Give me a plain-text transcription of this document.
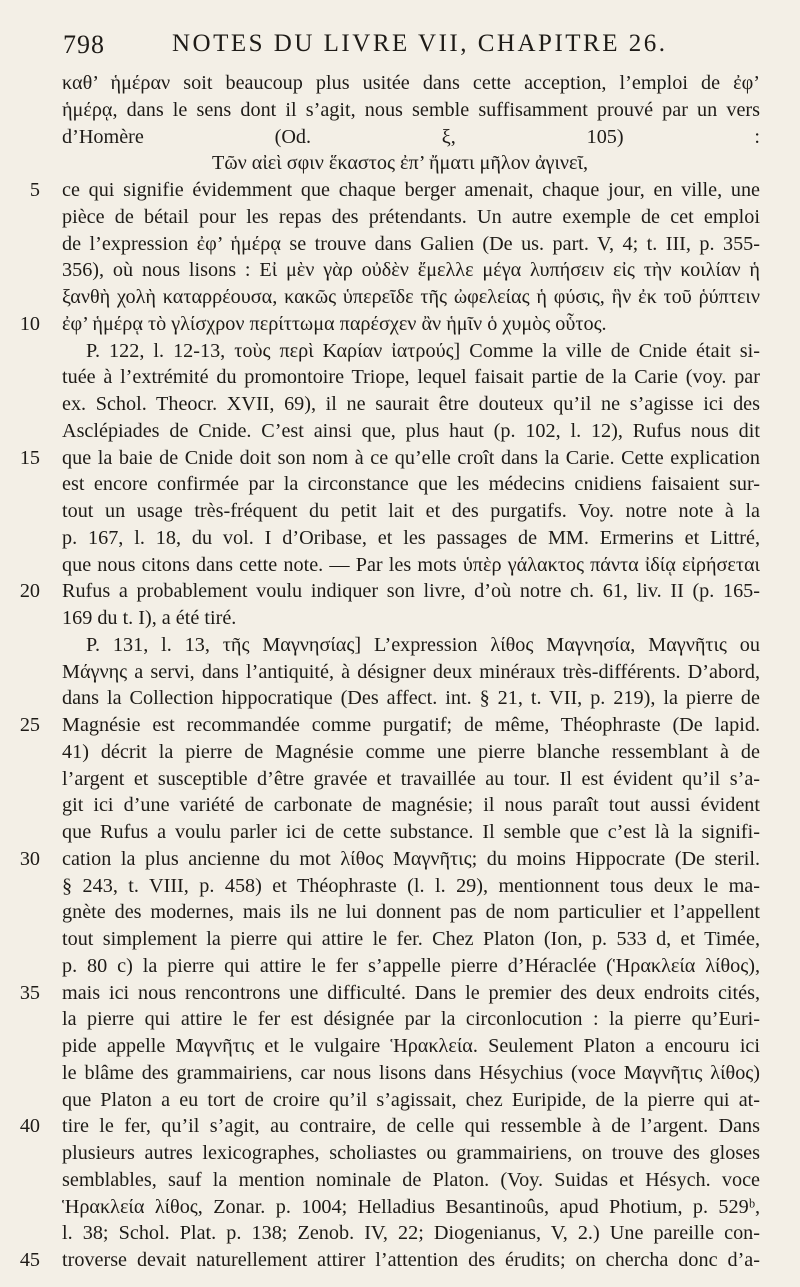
798	NOTES DU LIVRE VII, CHAPITRE 26.
καθ’ ἡμέραν soit beaucoup plus usitée dans cette acception, l’emploi de ἐφ’
ἡμέρᾳ, dans le sens dont il s’agit, nous semble suffisamment prouvé par un vers
d’Homère (Od. ξ, 105) :
Τῶν αἰεὶ σφιν ἕκαστος ἐπ’ ἤματι μῆλον ἀγινεῖ,
ce qui signifie évidemment que chaque berger amenait, chaque jour, en ville, une
5
pièce de bétail pour les repas des prétendants. Un autre exemple de cet emploi
de l’expression ἐφ’ ἡμέρᾳ se trouve dans Galien (De us. part. V, 4; t. III, p. 355-
356), où nous lisons : Εἰ μὲν γὰρ οὐδὲν ἔμελλε μέγα λυπήσειν εἰς τὴν κοιλίαν ἡ
ξανθὴ χολὴ καταρρέουσα, κακῶς ὑπερεῖδε τῆς ὠφελείας ἡ φύσις, ἣν ἐκ τοῦ ῥύπτειν
ἐφ’ ἡμέρᾳ τὸ γλίσχρον περίττωμα παρέσχεν ἂν ἡμῖν ὁ χυμὸς οὗτος.
10
P. 122, l. 12-13, τοὺς περὶ Καρίαν ἰατρούς] Comme la ville de Cnide était si-
tuée à l’extrémité du promontoire Triope, lequel faisait partie de la Carie (voy. par
ex. Schol. Theocr. XVII, 69), il ne saurait être douteux qu’il ne s’agisse ici des
Asclépiades de Cnide. C’est ainsi que, plus haut (p. 102, l. 12), Rufus nous dit
que la baie de Cnide doit son nom à ce qu’elle croît dans la Carie. Cette explication
15
est encore confirmée par la circonstance que les médecins cnidiens faisaient sur-
tout un usage très-fréquent du petit lait et des purgatifs. Voy. notre note à la
p. 167, l. 18, du vol. I d’Oribase, et les passages de MM. Ermerins et Littré,
que nous citons dans cette note. — Par les mots ὑπὲρ γάλακτος πάντα ἰδίᾳ εἰρήσεται
Rufus a probablement voulu indiquer son livre, d’où notre ch. 61, liv. II (p. 165-
20
169 du t. I), a été tiré.
P. 131, l. 13, τῆς Μαγνησίας] L’expression λίθος Μαγνησία, Μαγνῆτις ou
Μάγνης a servi, dans l’antiquité, à désigner deux minéraux très-différents. D’abord,
dans la Collection hippocratique (Des affect. int. § 21, t. VII, p. 219), la pierre de
Magnésie est recommandée comme purgatif; de même, Théophraste (De lapid.
25
41) décrit la pierre de Magnésie comme une pierre blanche ressemblant à de
l’argent et susceptible d’être gravée et travaillée au tour. Il est évident qu’il s’a-
git ici d’une variété de carbonate de magnésie; il nous paraît tout aussi évident
que Rufus a voulu parler ici de cette substance. Il semble que c’est là la signifi-
cation la plus ancienne du mot λίθος Μαγνῆτις; du moins Hippocrate (De steril.
30
§ 243, t. VIII, p. 458) et Théophraste (l. l. 29), mentionnent tous deux le ma-
gnète des modernes, mais ils ne lui donnent pas de nom particulier et l’appellent
tout simplement la pierre qui attire le fer. Chez Platon (Ion, p. 533 d, et Timée,
p. 80 c) la pierre qui attire le fer s’appelle pierre d’Héraclée (Ἡρακλεία λίθος),
mais ici nous rencontrons une difficulté. Dans le premier des deux endroits cités,
35
la pierre qui attire le fer est désignée par la circonlocution : la pierre qu’Euri-
pide appelle Μαγνῆτις et le vulgaire Ἡρακλεία. Seulement Platon a encouru ici
le blâme des grammairiens, car nous lisons dans Hésychius (voce Μαγνῆτις λίθος)
que Platon a eu tort de croire qu’il s’agissait, chez Euripide, de la pierre qui at-
tire le fer, qu’il s’agit, au contraire, de celle qui ressemble à de l’argent. Dans
40
plusieurs autres lexicographes, scholiastes ou grammairiens, on trouve des gloses
semblables, sauf la mention nominale de Platon. (Voy. Suidas et Hésych. voce
Ἡρακλεία λίθος, Zonar. p. 1004; Helladius Besantinoûs, apud Photium, p. 529ᵇ,
l. 38; Schol. Plat. p. 138; Zenob. IV, 22; Diogenianus, V, 2.) Une pareille con-
troverse devait naturellement attirer l’attention des érudits; on chercha donc d’a-
45
